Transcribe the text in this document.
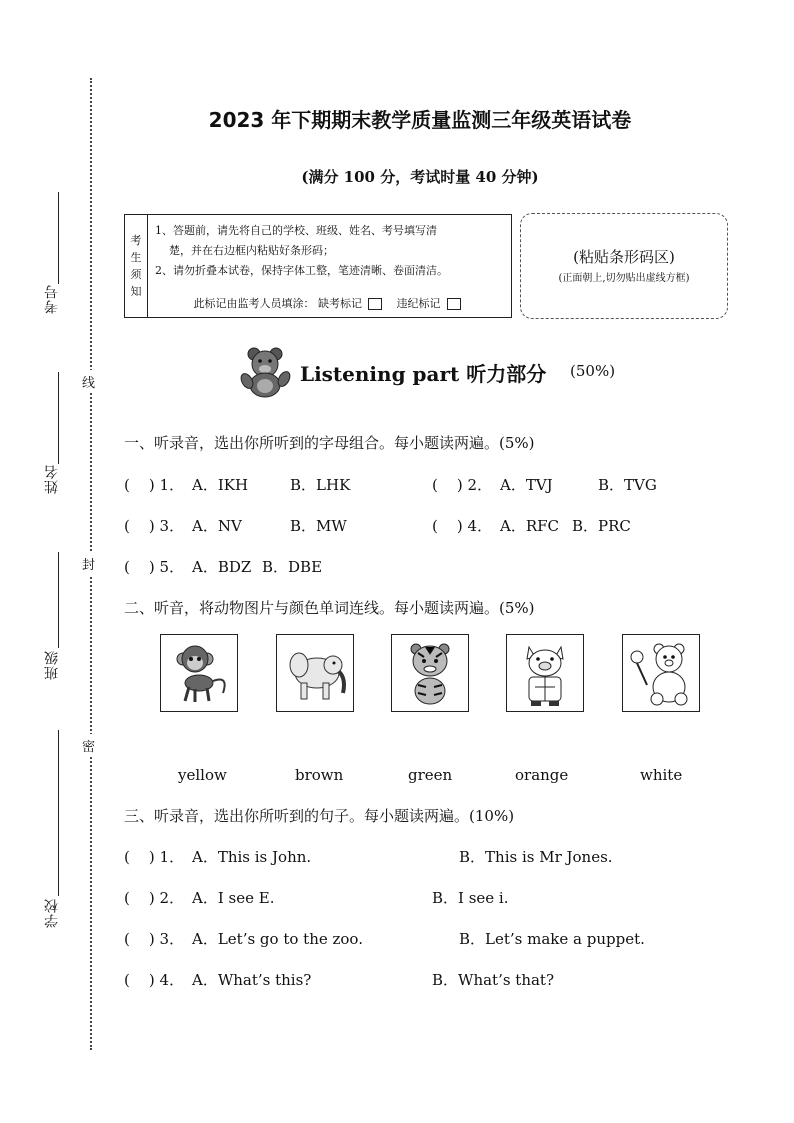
考号
姓名
班级
学校
线
封
密
2023 年下期期末教学质量监测三年级英语试卷
(满分 100 分，考试时量 40 分钟)
考
生
须
知
1、答题前，请先将自己的学校、班级、姓名、考号填写清
楚，并在右边框内粘贴好条形码；
2、请勿折叠本试卷，保持字体工整，笔迹清晰、卷面清洁。
此标记由监考人员填涂： 缺考标记	违纪标记
(粘贴条形码区)
(正面朝上,切勿贴出虚线方框)
Listening part 听力部分 (50%)
一、听录音，选出你所听到的字母组合。每小题读两遍。(5%)
(    ) 1． A．IKH	B．LHK	(    ) 2． A．TVJ	B．TVG
(    ) 3． A．NV	B．MW	(    ) 4． A．RFC B．PRC
(    ) 5． A．BDZ B．DBE
二、听音，将动物图片与颜色单词连线。每小题读两遍。(5%)
yellow	brown	green	orange	white
三、听录音，选出你所听到的句子。每小题读两遍。(10%)
(    ) 1． A．This is John.	B．This is Mr Jones.
(    ) 2． A．I see E.	B．I see i.
(    ) 3． A．Let’s go to the zoo.	B．Let’s make a puppet.
(    ) 4． A．What’s this?	B．What’s that?
